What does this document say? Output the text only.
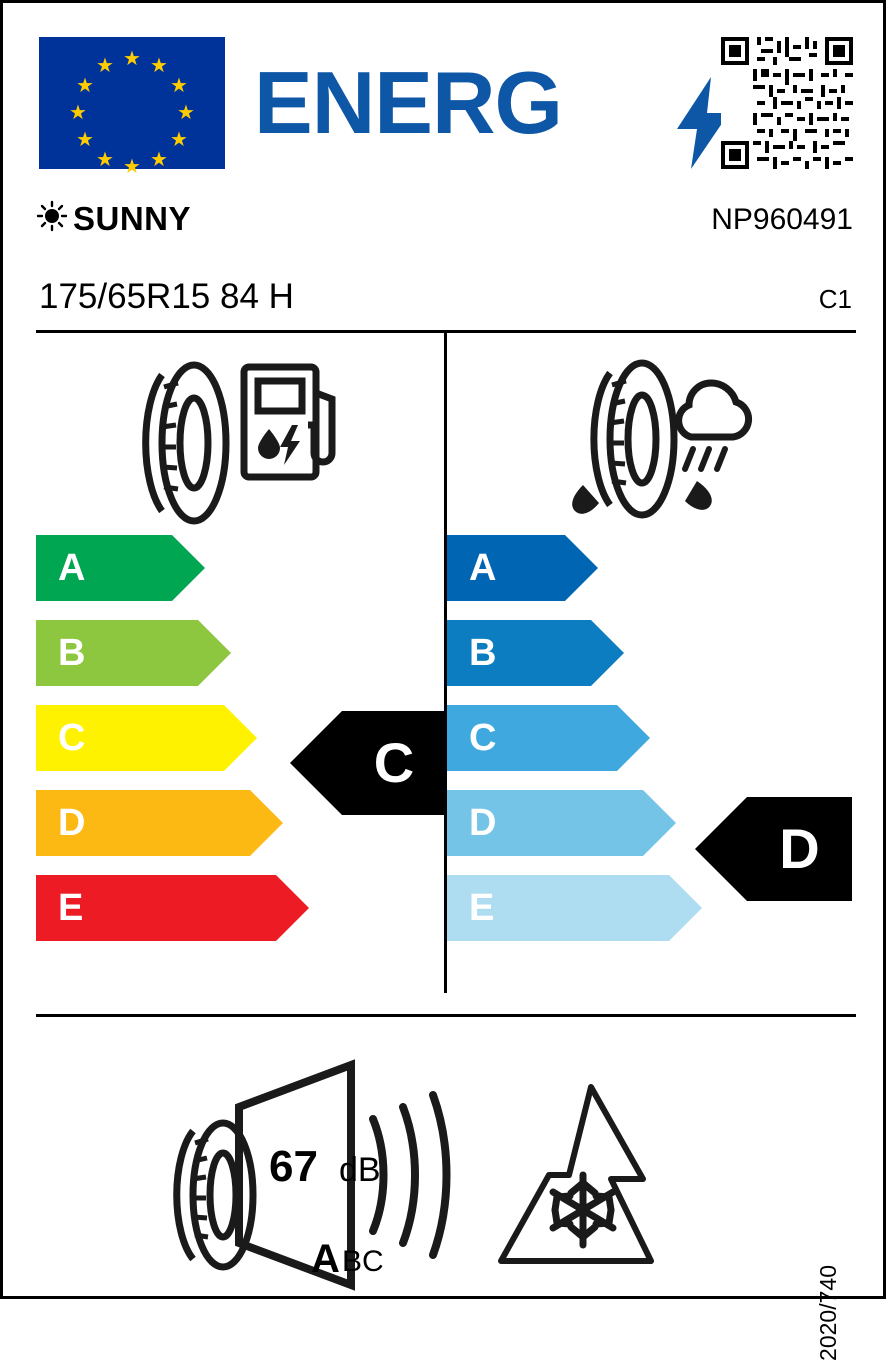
★ ★
★
★
★
★
★
★
★
★
★
★ ENERG
SUNNY	NP960491
175/65R15 84 H	C1
A
B
C
D
E
C
A
B
C
D
E
D
67 dB
A BC
2020/740
